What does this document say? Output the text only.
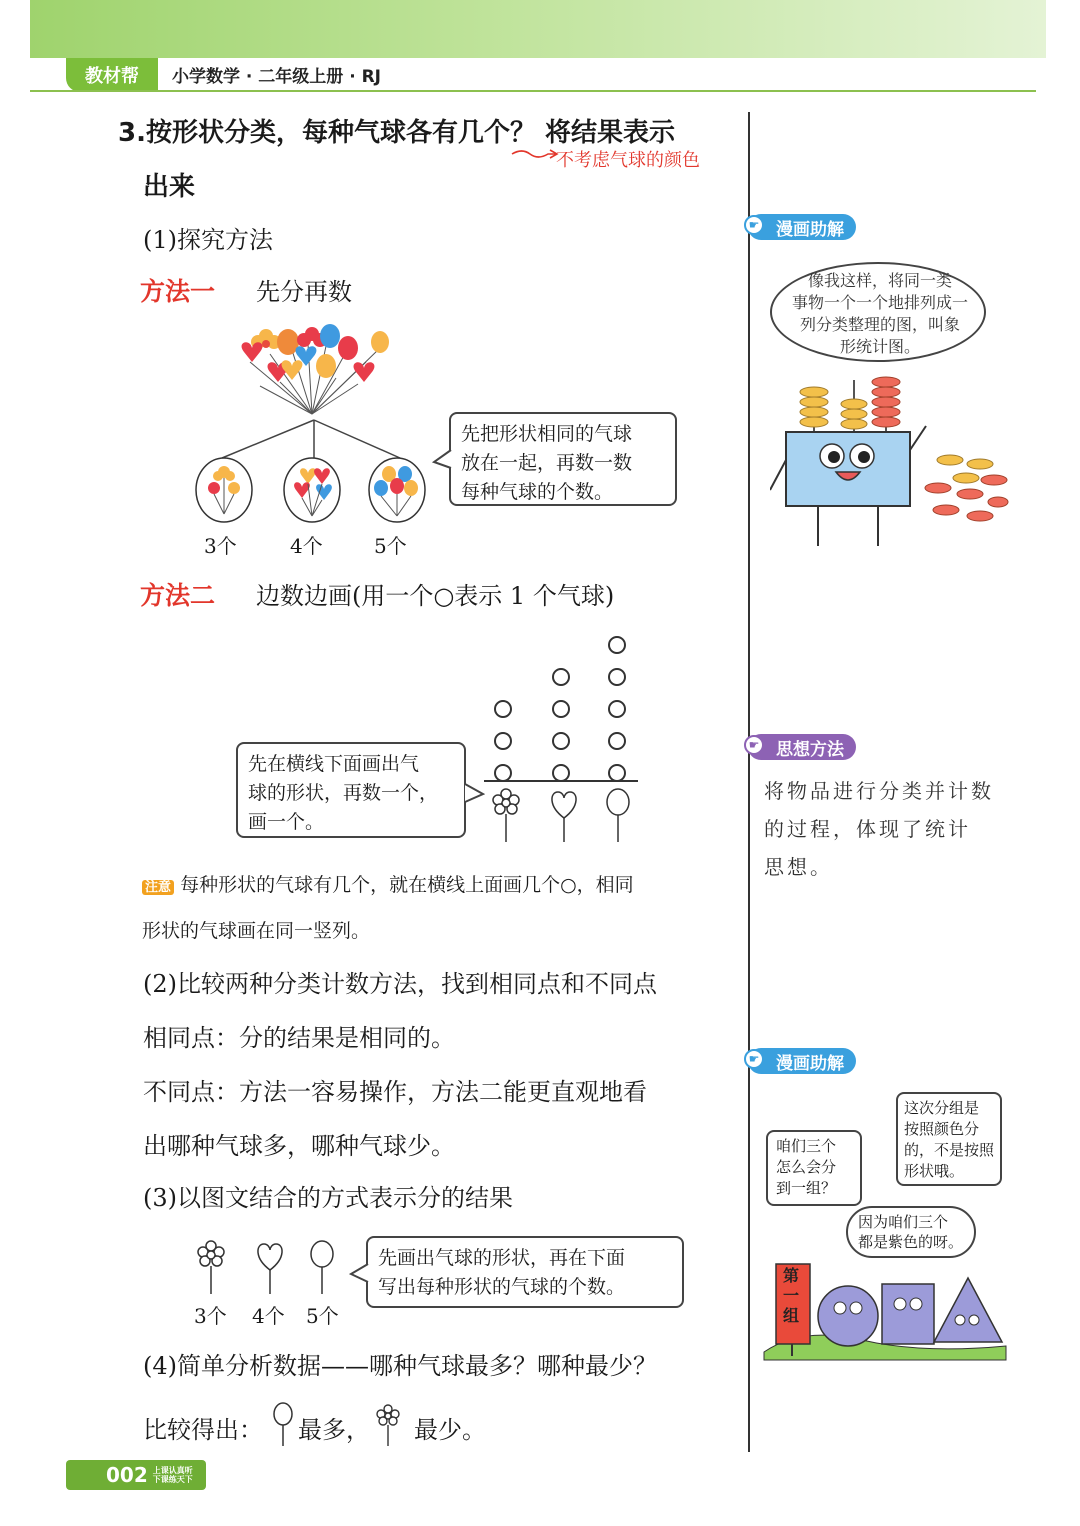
教材帮	小学数学 · 二年级上册 · RJ
3.按形状分类，每种气球各有几个？ 将结果表示
不考虑气球的颜色
出来
(1)探究方法
方法一 先分再数
3个	4个	5个
先把形状相同的气球
放在一起，再数一数
每种气球的个数。
方法二 边数边画(用一个○表示 1 个气球)
先在横线下面画出气
球的形状，再数一个，
画一个。
注意 每种形状的气球有几个，就在横线上面画几个○，相同
形状的气球画在同一竖列。
(2)比较两种分类计数方法，找到相同点和不同点
相同点：分的结果是相同的。
不同点：方法一容易操作，方法二能更直观地看
出哪种气球多，哪种气球少。
(3)以图文结合的方式表示分的结果
3个 4个 5个
先画出气球的形状，再在下面
写出每种形状的气球的个数。
(4)简单分析数据——哪种气球最多？哪种最少？
比较得出： 最多， 最少。
☛ 漫画助解
像我这样，将同一类
事物一个一个地排列成一
列分类整理的图，叫象
形统计图。
☛ 思想方法
将物品进行分类并计数
的过程，体现了统计
思想。
☛ 漫画助解
咱们三个
怎么会分
到一组？
这次分组是
按照颜色分
的，不是按照
形状哦。
因为咱们三个
都是紫色的呀。
第一组
002 上课认真听
下课练天下
